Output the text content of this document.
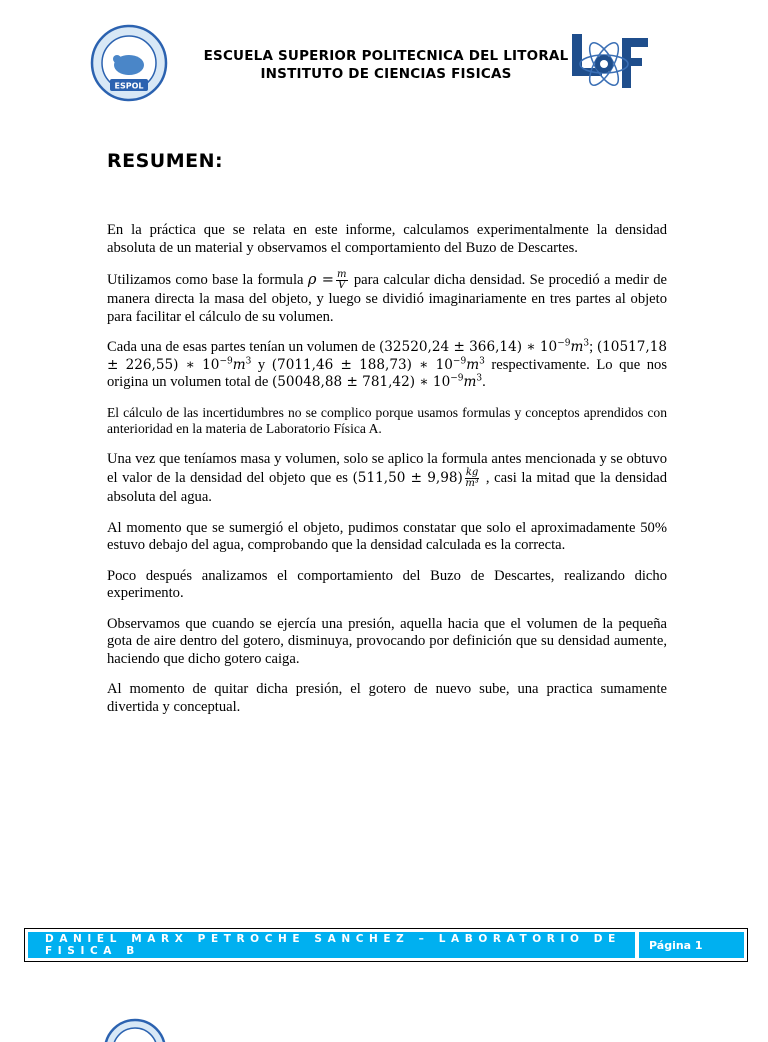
ESPOL
ICF
ESCUELA SUPERIOR POLITECNICA DEL LITORAL
INSTITUTO DE CIENCIAS FISICAS
RESUMEN:

En la práctica que se relata en este informe, calculamos experimentalmente la densidad absoluta de un material y observamos el comportamiento del Buzo de Descartes.

Utilizamos como base la formula $\rho = \frac{m}{V}$ para calcular dicha densidad. Se procedió a medir de manera directa la masa del objeto, y luego se dividió imaginariamente en tres partes al objeto para facilitar el cálculo de su volumen.

Cada una de esas partes tenían un volumen de (32520,24 ± 366,14) ∗ $10^{-9}m^3$; (10517,18 ± 226,55) ∗ $10^{-9}m^3$ y (7011,46 ± 188,73) ∗ $10^{-9}m^3$ respectivamente. Lo que nos origina un volumen total de (50048,88 ± 781,42) ∗ $10^{-9}m^3$.

El cálculo de las incertidumbres no se complico porque usamos formulas y conceptos aprendidos con anterioridad en la materia de Laboratorio Física A.

Una vez que teníamos masa y volumen, solo se aplico la formula antes mencionada y se obtuvo el valor de la densidad del objeto que es $(511,50 \pm 9,98) \frac{kg}{\text{m³}}$ , casi la mitad que la densidad absoluta del agua.

Al momento que se sumergió el objeto, pudimos constatar que solo el aproximadamente 50% estuvo debajo del agua, comprobando que la densidad calculada es la correcta.

Poco después analizamos el comportamiento del Buzo de Descartes, realizando dicho experimento.

Observamos que cuando se ejercía una presión, aquella hacia que el volumen de la pequeña gota de aire dentro del gotero, disminuya, provocando por definición que su densidad aumente, haciendo que dicho gotero caiga.

Al momento de quitar dicha presión, el gotero de nuevo sube, una practica sumamente divertida y conceptual.

DANIEL MARX PETROCHE SANCHEZ – LABORATORIO DE FISICA B	Página 1
